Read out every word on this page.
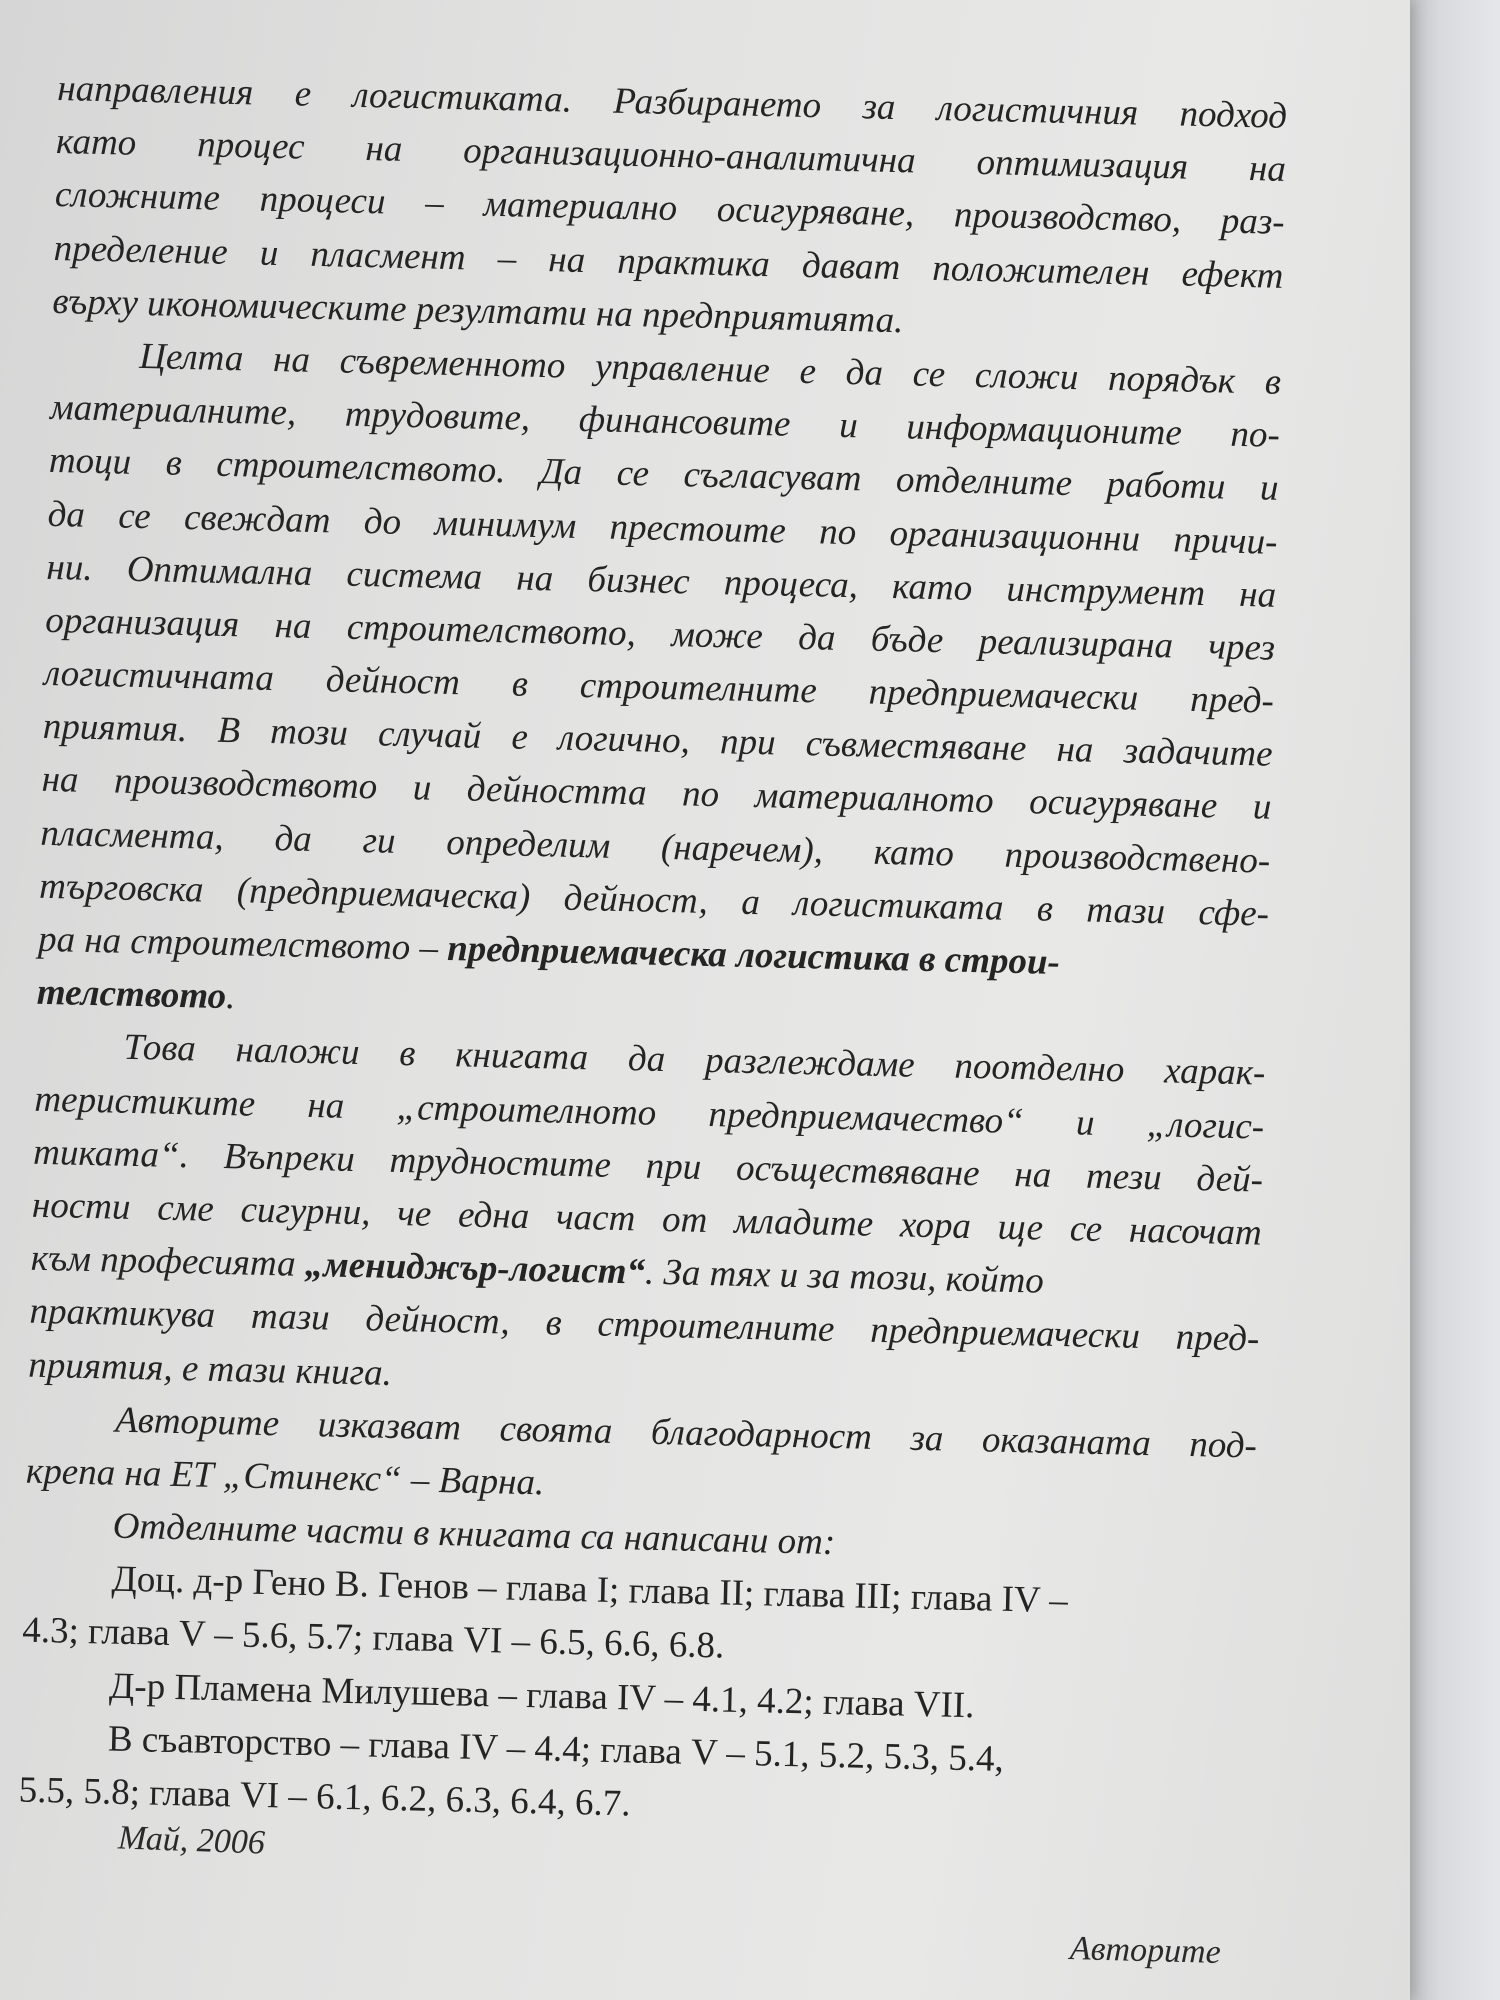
направления е логистиката. Разбирането за логистичния подход
като процес на организационно-аналитична оптимизация на
сложните процеси – материално осигуряване, производство, раз-
пределение и пласмент – на практика дават положителен ефект
върху икономическите резултати на предприятията.
Целта на съвременното управление е да се сложи порядък в
материалните, трудовите, финансовите и информационите по-
тоци в строителството. Да се съгласуват отделните работи и
да се свеждат до минимум престоите по организационни причи-
ни. Оптимална система на бизнес процеса, като инструмент на
организация на строителството, може да бъде реализирана чрез
логистичната дейност в строителните предприемачески пред-
приятия. В този случай е логично, при съвместяване на задачите
на производството и дейността по материалното осигуряване и
пласмента, да ги определим (наречем), като производствено-
търговска (предприемаческа) дейност, а логистиката в тази сфе-
ра на строителството – предприемаческа логистика в строи-
телството .
Това наложи в книгата да разглеждаме поотделно харак-
теристиките на „строителното предприемачество“ и „логис-
тиката“. Въпреки трудностите при осъществяване на тези дей-
ности сме сигурни, че една част от младите хора ще се насочат
към професията „мениджър-логист“ . За тях и за този, който
практикува тази дейност, в строителните предприемачески пред-
приятия, е тази книга.
Авторите изказват своята благодарност за оказаната под-
крепа на ЕТ „Стинекс“ – Варна.
Отделните части в книгата са написани от:
Доц. д-р Гено В. Генов – глава I; глава II; глава III; глава IV –
4.3; глава V – 5.6, 5.7; глава VI – 6.5, 6.6, 6.8.
Д-р Пламена Милушева – глава IV – 4.1, 4.2; глава VII.
В съавторство – глава IV – 4.4; глава V – 5.1, 5.2, 5.3, 5.4,
5.5, 5.8; глава VI – 6.1, 6.2, 6.3, 6.4, 6.7.
Май, 2006
Авторите
